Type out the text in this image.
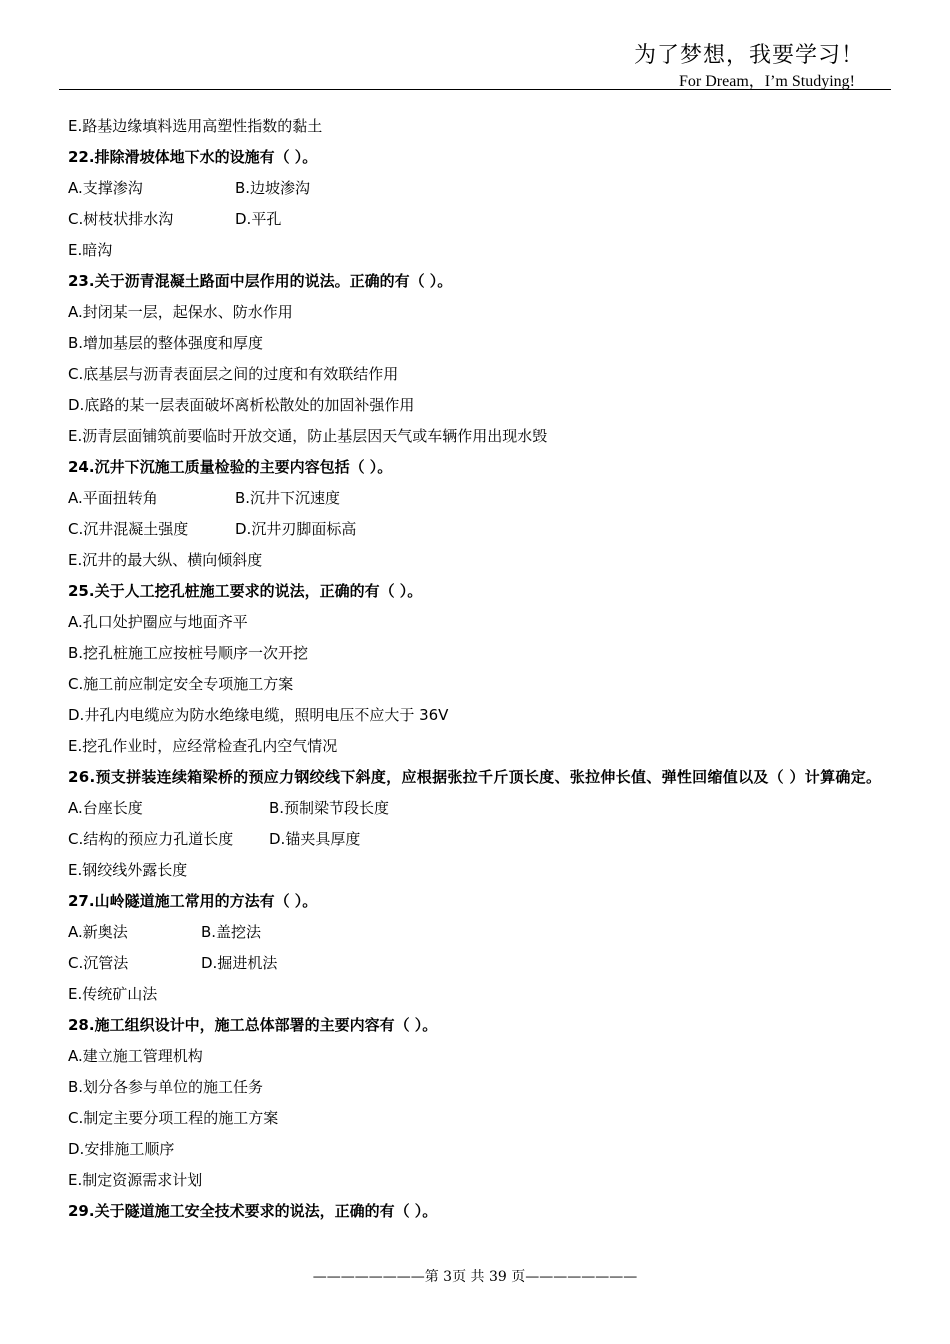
为了梦想，我要学习！
For Dream，I’m Studying!
E.路基边缘填料选用高塑性指数的黏土
22.排除滑坡体地下水的设施有（ ）。
A.支撑渗沟	B.边坡渗沟
C.树枝状排水沟	D.平孔
E.暗沟
23.关于沥青混凝土路面中层作用的说法。正确的有（ ）。
A.封闭某一层，起保水、防水作用
B.增加基层的整体强度和厚度
C.底基层与沥青表面层之间的过度和有效联结作用
D.底路的某一层表面破坏离析松散处的加固补强作用
E.沥青层面铺筑前要临时开放交通，防止基层因天气或车辆作用出现水毁
24.沉井下沉施工质量检验的主要内容包括（ ）。
A.平面扭转角	B.沉井下沉速度
C.沉井混凝土强度	D.沉井刃脚面标高
E.沉井的最大纵、横向倾斜度
25.关于人工挖孔桩施工要求的说法，正确的有（ ）。
A.孔口处护圈应与地面齐平
B.挖孔桩施工应按桩号顺序一次开挖
C.施工前应制定安全专项施工方案
D.井孔内电缆应为防水绝缘电缆，照明电压不应大于 36V
E.挖孔作业时，应经常检查孔内空气情况
26.预支拼装连续箱梁桥的预应力钢绞线下斜度，应根据张拉千斤顶长度、张拉伸长值、弹性回缩值以及（ ）计算确定。
A.台座长度	B.预制梁节段长度
C.结构的预应力孔道长度 D.锚夹具厚度
E.钢绞线外露长度
27.山岭隧道施工常用的方法有（ ）。
A.新奥法	B.盖挖法
C.沉管法	D.掘进机法
E.传统矿山法
28.施工组织设计中，施工总体部署的主要内容有（ ）。
A.建立施工管理机构
B.划分各参与单位的施工任务
C.制定主要分项工程的施工方案
D.安排施工顺序
E.制定资源需求计划
29.关于隧道施工安全技术要求的说法，正确的有（ ）。
————————第 3页 共 39 页————————
